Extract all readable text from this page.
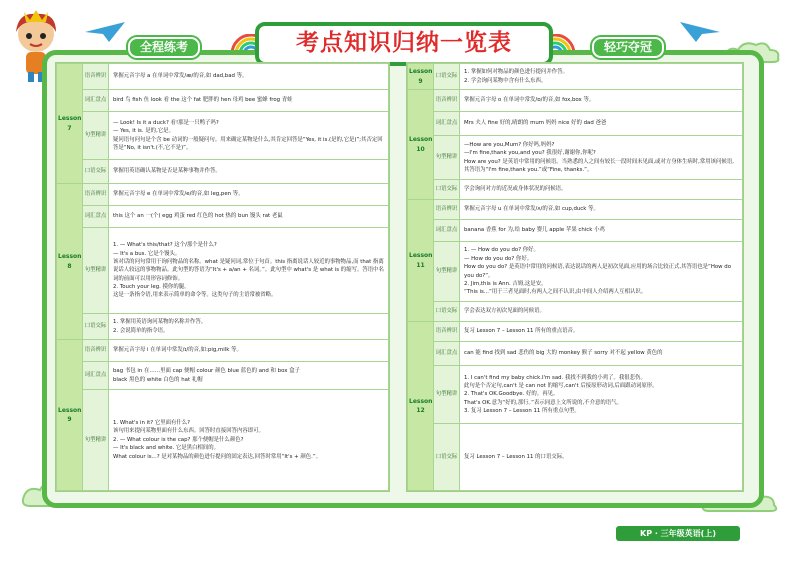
考点知识归纳一览表
全程练考	轻巧夺冠
Lesson 7	语音辨识	掌握元音字母 a 在单词中常发/æ/的音,如 dad,bad 等。

	词汇盘点	bird 鸟 fish 鱼 look 看 the 这个 fat 肥胖的 hen 母鸡 bee 蜜蜂 frog 青蛙

	句型精讲	— Look! Is it a duck? 看!那是一只鸭子吗?
— Yes, it is. 是的,它是。
疑问语句问句是个含 be 动词的一般疑问句。用来确定某物是什么,其肯定回答是“Yes, it is.(是的,它是)”;其否定回答是“No, it isn't.(不,它不是)”。

	口语交际	掌握用英语确认某物是否是某种事物并作答。

Lesson 8	语音辨识	掌握元音字母 e 在单词中常发/e/的音,如 leg,pen 等。

	词汇盘点	this 这个 an 一(个) egg 鸡蛋 red 红色的 hot 热的 bun 馒头 rat 老鼠

	句型精讲	1. — What's this/that? 这个/那个是什么?
— It's a bus. 它是个馒头。
该对话的问句常用于询问物品的名称。what 是疑问词,常位于句首。this 指离说话人较近的事物物品,而 that 指离说话人较远的事物物品。此句型的答语为“It's + a/an + 名词。”。此句型中 what's 是 what is 的缩写。答语中名词的前面可以用形容词修饰。
2. Touch your leg. 摸你的腿。
这是一条指令语,用来表示简单的命令等。这类句子的主语常被省略。

	口语交际	1. 掌握用英语询问某物的名称并作答。
2. 会说简单的指令语。

Lesson 9	语音辨识	掌握元音字母 i 在单词中常发/ɪ/的音,如:pig,milk 等。

	词汇盘点	bag 书包 in 在……里面 cap 便帽 colour 颜色 blue 蓝色的 and 和 box 盒子
black 黑色的 white 白色的 hat 礼帽

	句型精讲	1. What's in it? 它里面有什么?
该句用来提问某物里面有什么东西。回答时直接回答内容即可。
2. — What colour is the cap? 那个便帽是什么颜色?
— It's black and white. 它是黑白相间的。
What colour is...? 是对某物品的颜色进行提问的固定表达,回答时常用“It's + 颜色.”。
Lesson 9	口语交际	1. 掌握如何对物品的颜色进行提问并作答。
2. 学会询问某物中含有什么东西。

Lesson 10	语音辨识	掌握元音字母 o 在单词中常发/ɒ/的音,如 fox,box 等。

	词汇盘点	Mrs 夫人 fine 好的,晴朗的 mum 妈妈 nice 好的 dad 爸爸

	句型精讲	—How are you,Mum? 你好吗,妈妈?
—I'm fine,thank you,and you? 我很好,谢谢你,你呢?
How are you? 是英语中常用的问候语。当熟悉的人之间有较长一段时间未见面,或对方身体生病时,常用该问候语,其答语为“I'm fine,thank you.”或“Fine, thanks.”。

	口语交际	学会询问对方的近况或身体状况的问候语。

Lesson 11	语音辨识	掌握元音字母 u 在单词中常发/ʌ/的音,如 cup,duck 等。

	词汇盘点	banana 香蕉 for 为,给 baby 婴儿 apple 苹果 chick 小鸡

	句型精讲	1. — How do you do? 你好。
— How do you do? 你好。
How do you do? 是英语中常用的问候语,表达说话的两人是初次见面,应用的场合比较正式,其答语也是“How do you do?”。
2. Jim,this is Ann. 吉姆,这是安。
“This is...”用于三者见面时,有两人之间不认识,由中间人介绍两人互相认识。

	口语交际	学会表达双方初次见面的问候语。

Lesson 12	语音辨识	复习 Lesson 7 – Lesson 11 所有的重点语音。

	词汇盘点	can 能 find 找到 sad 悲伤的 big 大的 monkey 猴子 sorry 对不起 yellow 黄色的

	句型精讲	1. I can't find my baby chick.I'm sad. 我找不到我的小鸡了。我很悲伤。
此句是个否定句,can't 是 can not 的缩写,can't 后接原形动词,后面跟动词原形。
2. That's OK.Goodbye. 好的。再见。
That's OK.意为“好的,那行。”表示同意上文所说的,不介意的语气。
3. 复习 Lesson 7 – Lesson 11 所有重点句型。

	口语交际	复习 Lesson 7 – Lesson 11 的口语交际。
KP · 三年级英语(上)
